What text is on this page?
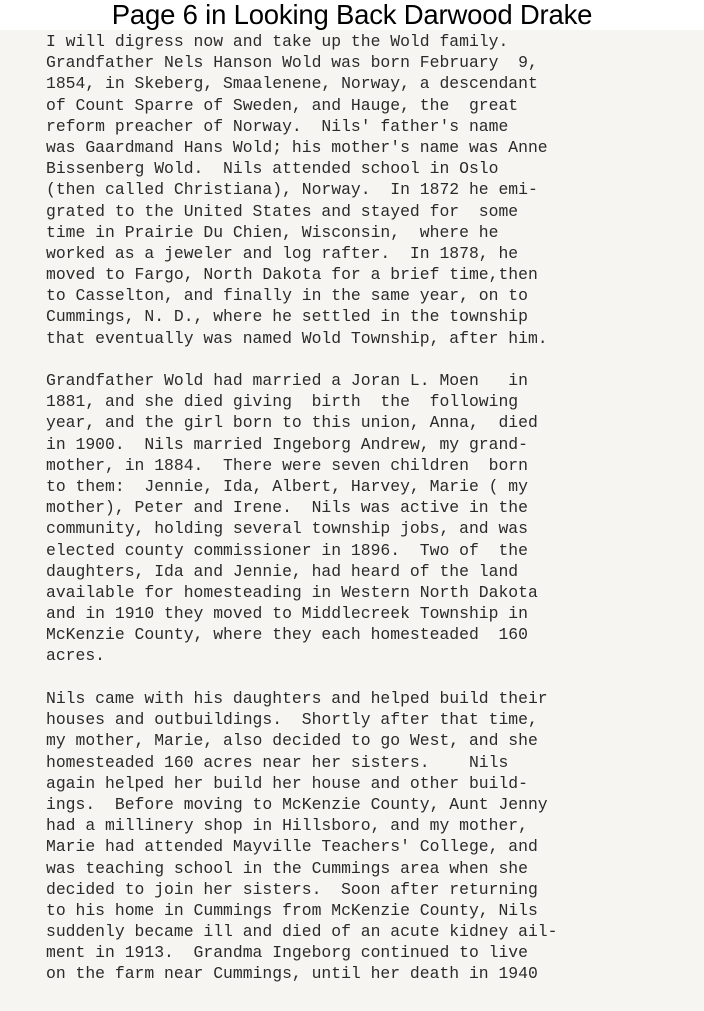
Page 6 in Looking Back Darwood Drake
I will digress now and take up the Wold family.
Grandfather Nels Hanson Wold was born February  9,
1854, in Skeberg, Smaalenene, Norway, a descendant
of Count Sparre of Sweden, and Hauge, the  great
reform preacher of Norway.  Nils' father's name
was Gaardmand Hans Wold; his mother's name was Anne
Bissenberg Wold.  Nils attended school in Oslo
(then called Christiana), Norway.  In 1872 he emi-
grated to the United States and stayed for  some
time in Prairie Du Chien, Wisconsin,  where he
worked as a jeweler and log rafter.  In 1878, he
moved to Fargo, North Dakota for a brief time,then
to Casselton, and finally in the same year, on to
Cummings, N. D., where he settled in the township
that eventually was named Wold Township, after him.
Grandfather Wold had married a Joran L. Moen   in
1881, and she died giving  birth  the  following
year, and the girl born to this union, Anna,  died
in 1900.  Nils married Ingeborg Andrew, my grand-
mother, in 1884.  There were seven children  born
to them:  Jennie, Ida, Albert, Harvey, Marie ( my
mother), Peter and Irene.  Nils was active in the
community, holding several township jobs, and was
elected county commissioner in 1896.  Two of  the
daughters, Ida and Jennie, had heard of the land
available for homesteading in Western North Dakota
and in 1910 they moved to Middlecreek Township in
McKenzie County, where they each homesteaded  160
acres.
Nils came with his daughters and helped build their
houses and outbuildings.  Shortly after that time,
my mother, Marie, also decided to go West, and she
homesteaded 160 acres near her sisters.    Nils
again helped her build her house and other build-
ings.  Before moving to McKenzie County, Aunt Jenny
had a millinery shop in Hillsboro, and my mother,
Marie had attended Mayville Teachers' College, and
was teaching school in the Cummings area when she
decided to join her sisters.  Soon after returning
to his home in Cummings from McKenzie County, Nils
suddenly became ill and died of an acute kidney ail-
ment in 1913.  Grandma Ingeborg continued to live
on the farm near Cummings, until her death in 1940
